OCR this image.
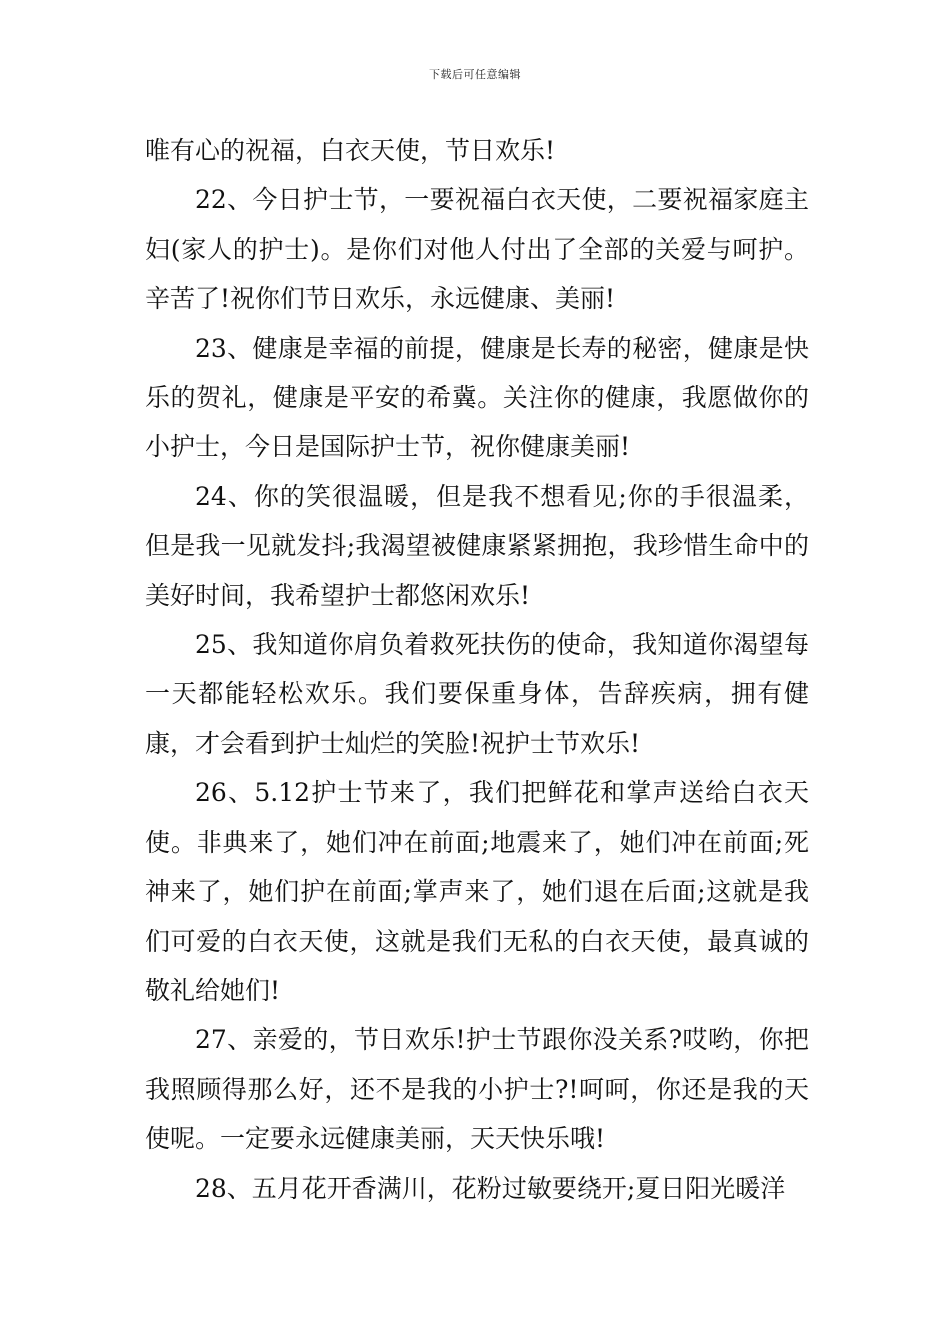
下载后可任意编辑

唯有心的祝福，白衣天使，节日欢乐!

22、今日护士节，一要祝福白衣天使，二要祝福家庭主妇(家人的护士)。是你们对他人付出了全部的关爱与呵护。辛苦了!祝你们节日欢乐，永远健康、美丽!

23、健康是幸福的前提，健康是长寿的秘密，健康是快乐的贺礼，健康是平安的希冀。关注你的健康，我愿做你的小护士，今日是国际护士节，祝你健康美丽!

24、你的笑很温暖，但是我不想看见;你的手很温柔，但是我一见就发抖;我渴望被健康紧紧拥抱，我珍惜生命中的美好时间，我希望护士都悠闲欢乐!

25、我知道你肩负着救死扶伤的使命，我知道你渴望每一天都能轻松欢乐。我们要保重身体，告辞疾病，拥有健康，才会看到护士灿烂的笑脸!祝护士节欢乐!

26、5.12护士节来了，我们把鲜花和掌声送给白衣天使。非典来了，她们冲在前面;地震来了，她们冲在前面;死神来了，她们护在前面;掌声来了，她们退在后面;这就是我们可爱的白衣天使，这就是我们无私的白衣天使，最真诚的敬礼给她们!

27、亲爱的，节日欢乐!护士节跟你没关系?哎哟，你把我照顾得那么好，还不是我的小护士?!呵呵，你还是我的天使呢。一定要永远健康美丽，天天快乐哦!

28、五月花开香满川，花粉过敏要绕开;夏日阳光暖洋
